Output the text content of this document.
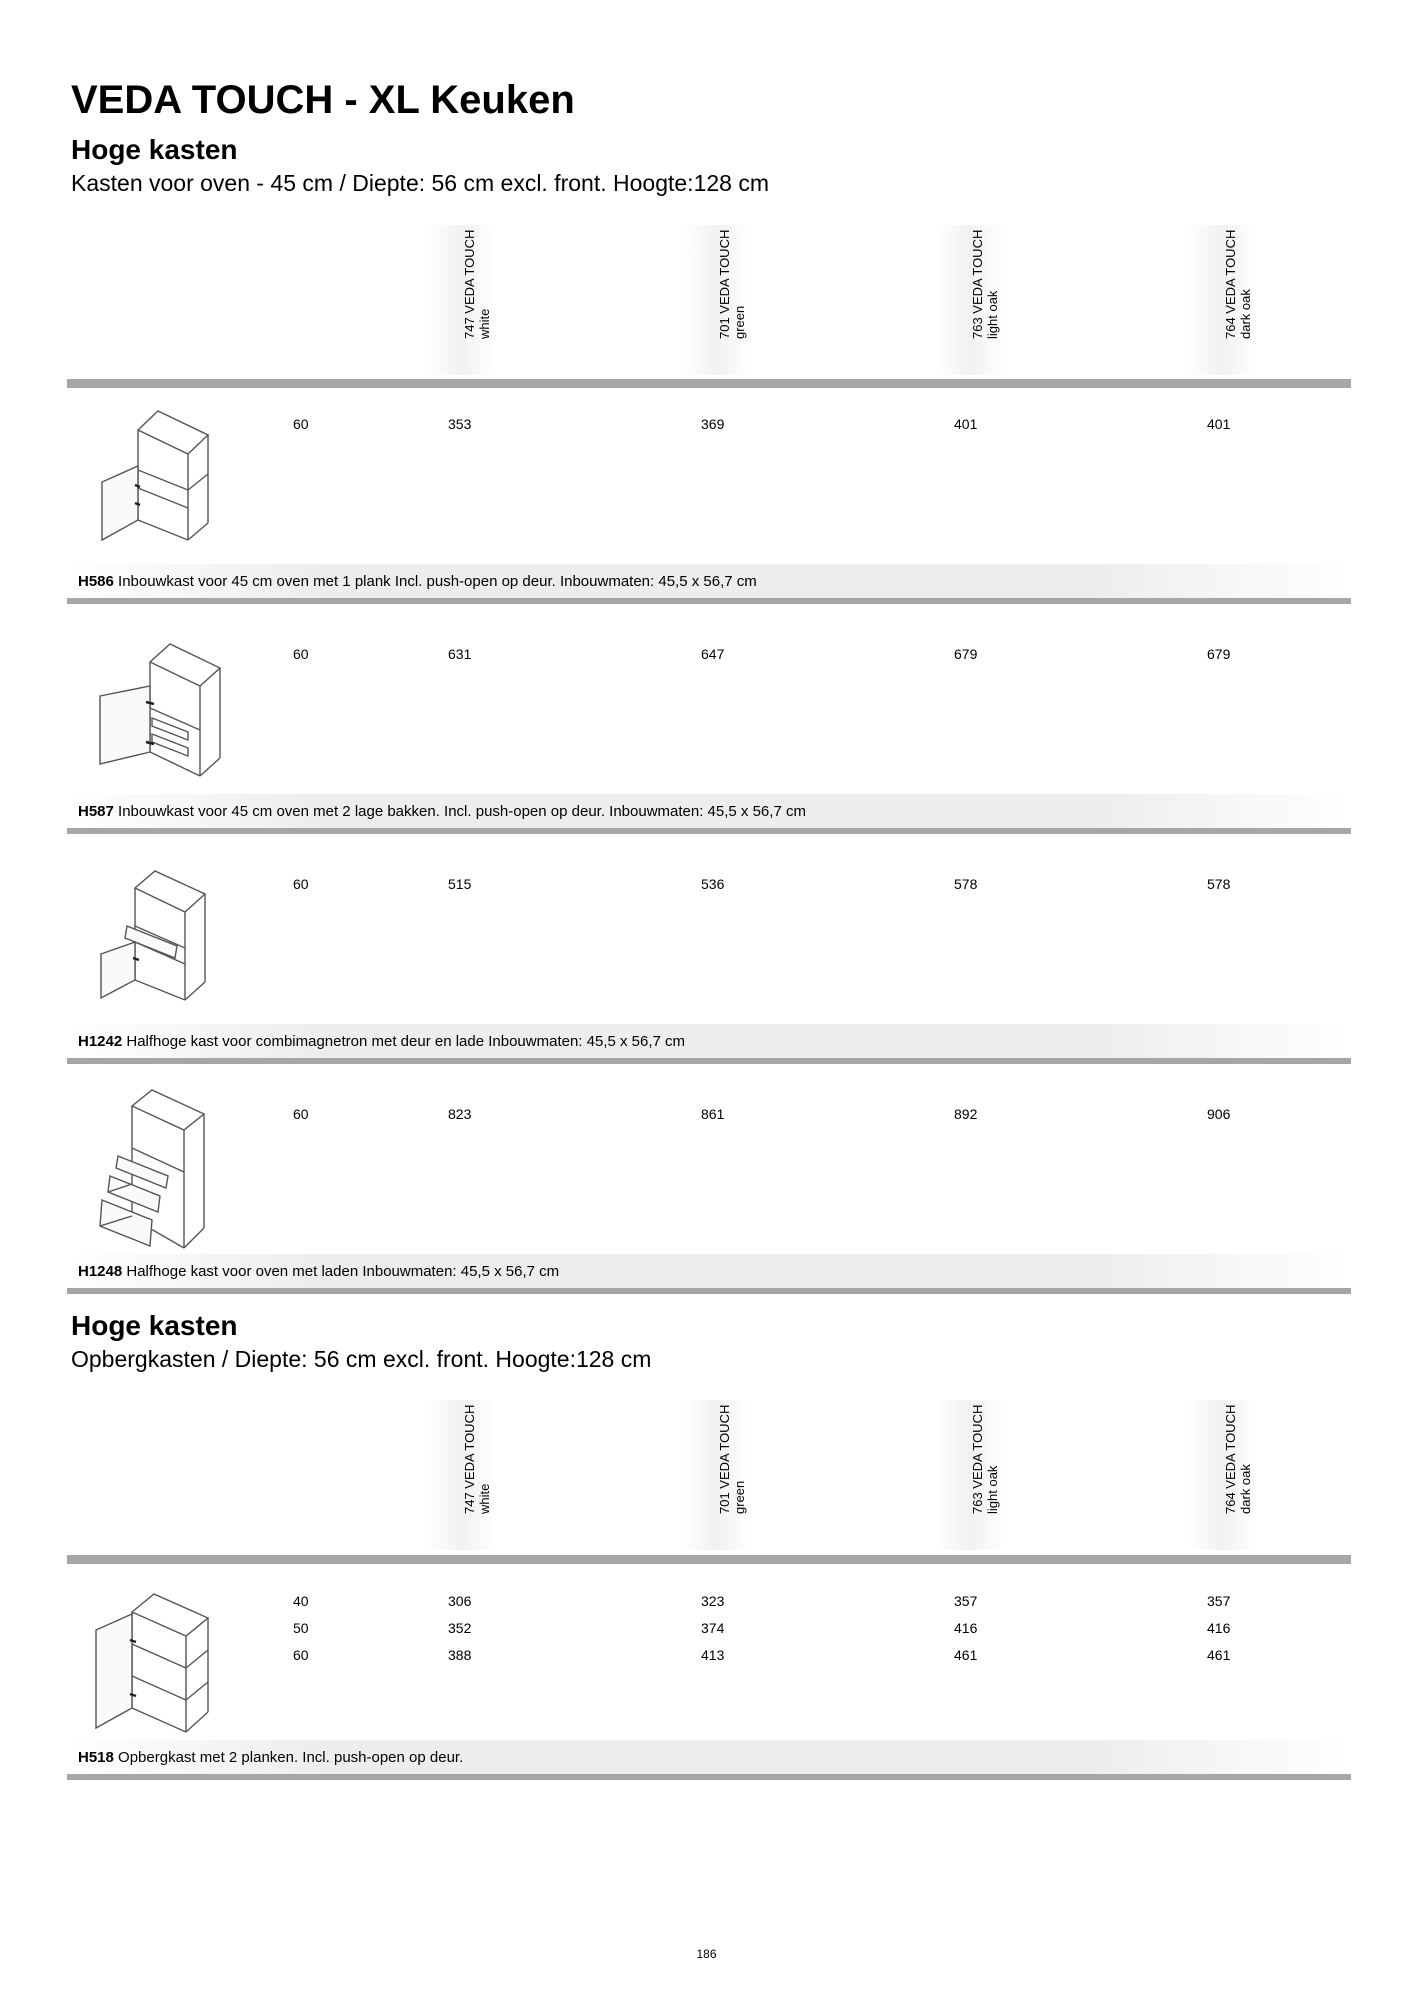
VEDA TOUCH - XL Keuken
Hoge kasten

Kasten voor oven - 45 cm / Diepte: 56 cm excl. front. Hoogte:128 cm

747 VEDA TOUCH white	701 VEDA TOUCH green	763 VEDA TOUCH light oak	764 VEDA TOUCH dark oak
60	353	369	401	401
H586 Inbouwkast voor 45 cm oven met 1 plank Incl. push-open op deur. Inbouwmaten: 45,5 x 56,7 cm
60	631	647	679	679
H587 Inbouwkast voor 45 cm oven met 2 lage bakken. Incl. push-open op deur. Inbouwmaten: 45,5 x 56,7 cm
60	515	536	578	578
H1242 Halfhoge kast voor combimagnetron met deur en lade Inbouwmaten: 45,5 x 56,7 cm
60	823	861	892	906
H1248 Halfhoge kast voor oven met laden Inbouwmaten: 45,5 x 56,7 cm
Hoge kasten

Opbergkasten / Diepte: 56 cm excl. front. Hoogte:128 cm

747 VEDA TOUCH white	701 VEDA TOUCH green	763 VEDA TOUCH light oak	764 VEDA TOUCH dark oak
40	306	323	357	357
50	352	374	416	416
60	388	413	461	461
H518 Opbergkast met 2 planken. Incl. push-open op deur.
186
